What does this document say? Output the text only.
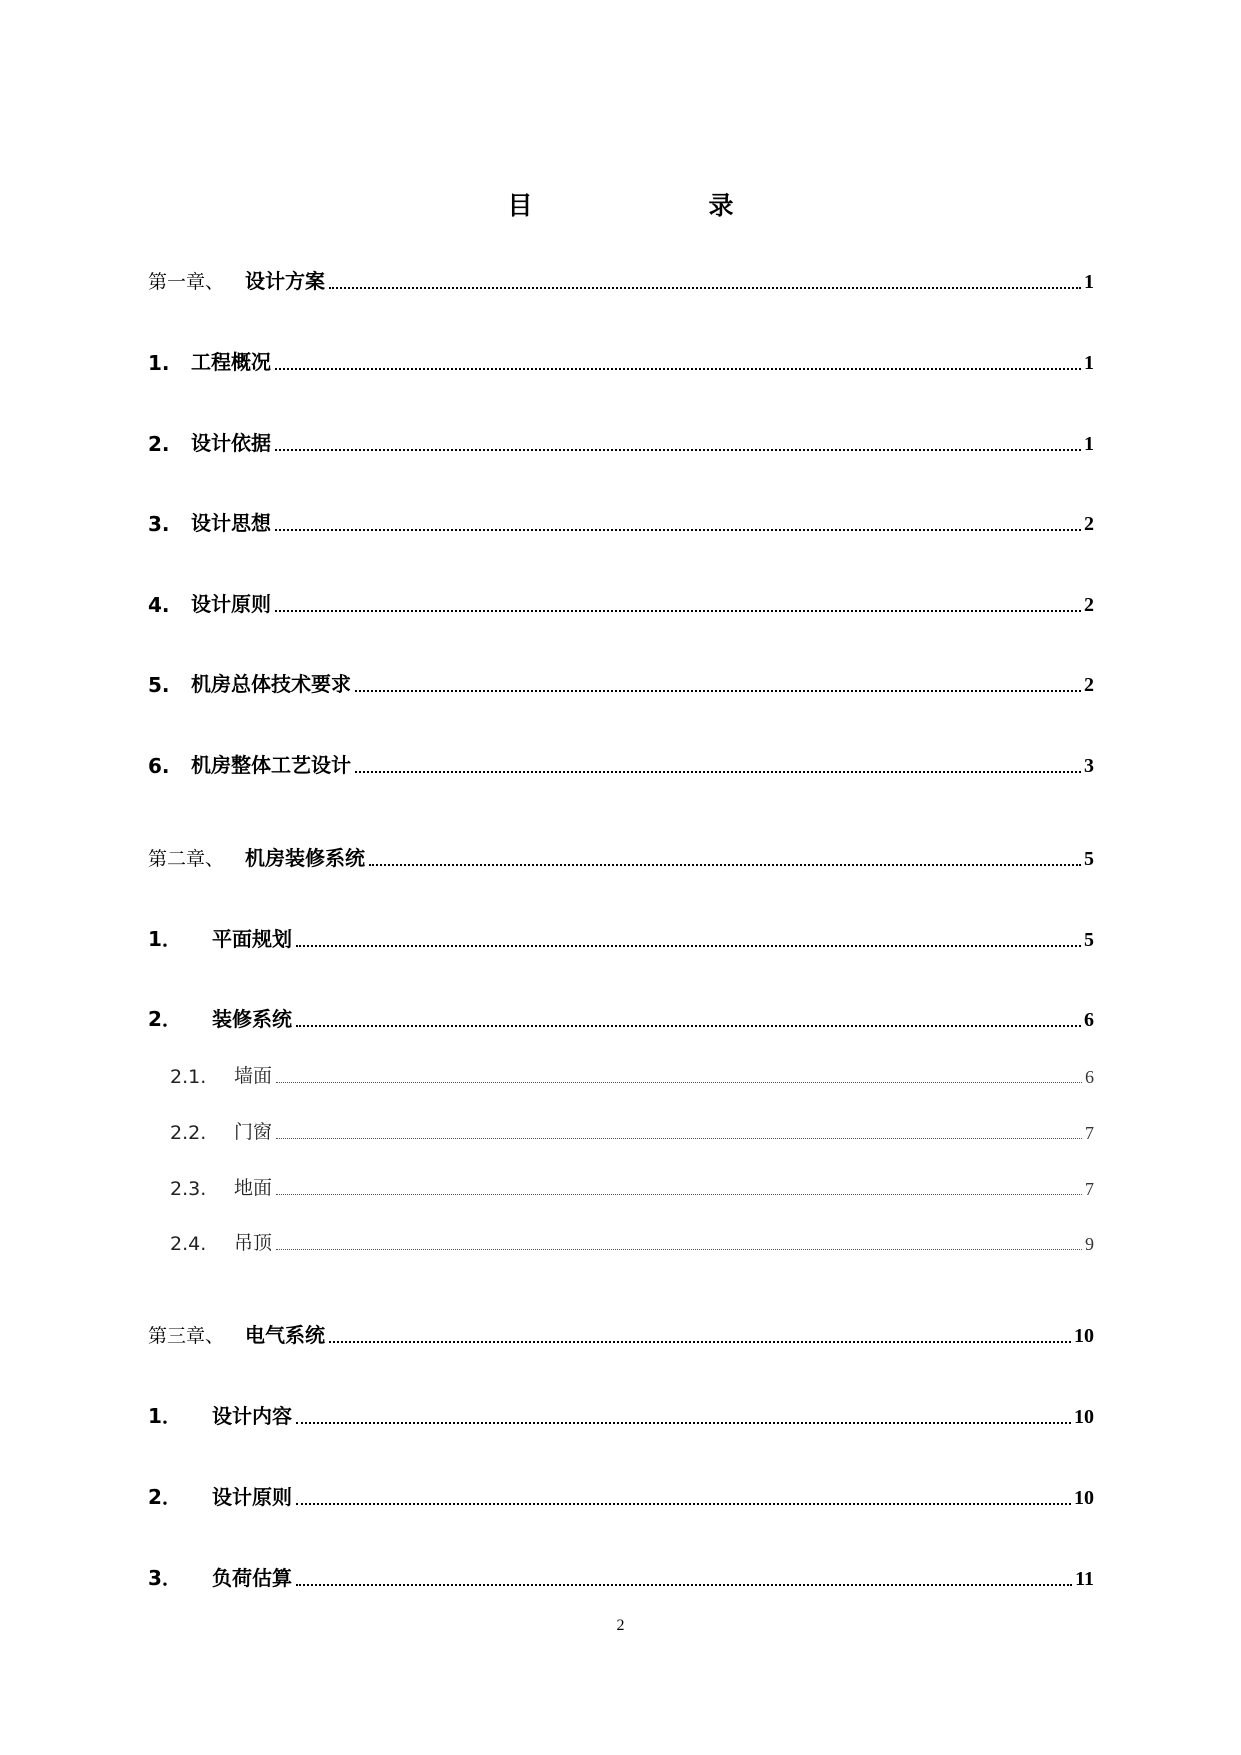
目　　录
第一章、	设计方案	1
1.	工程概况	1
2.	设计依据	1
3.	设计思想	2
4.	设计原则	2
5.	机房总体技术要求	2
6.	机房整体工艺设计	3
第二章、	机房装修系统	5
1．	平面规划	5
2．	装修系统	6
2.1.	墙面	6
2.2.	门窗	7
2.3.	地面	7
2.4.	吊顶	9
第三章、	电气系统	10
1．	设计内容	10
2．	设计原则	10
3．	负荷估算	11
2
